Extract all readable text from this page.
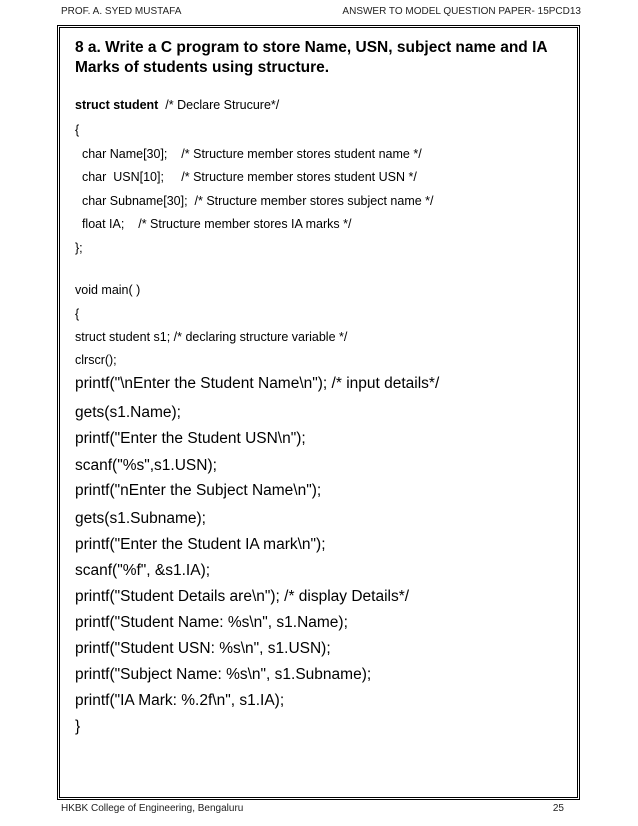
PROF. A. SYED MUSTAFA	ANSWER TO MODEL QUESTION PAPER- 15PCD13
8 a. Write a C program to store Name, USN, subject name and IA Marks of students using structure.
struct student /* Declare Strucure*/
{
char Name[30];    /* Structure member stores student name */
char  USN[10];     /* Structure member stores student USN */
char Subname[30];  /* Structure member stores subject name */
float IA;    /* Structure member stores IA marks */
};
void main( )
{
struct student s1; /* declaring structure variable */
clrscr();
printf("\nEnter the Student Name\n"); /* input details*/
gets(s1.Name);
printf("Enter the Student USN\n");
scanf("%s",s1.USN);
printf("nEnter the Subject Name\n");
gets(s1.Subname);
printf("Enter the Student IA mark\n");
scanf("%f", &s1.IA);
printf("Student Details are\n"); /* display Details*/
printf("Student Name: %s\n", s1.Name);
printf("Student USN: %s\n", s1.USN);
printf("Subject Name: %s\n", s1.Subname);
printf("IA Mark: %.2f\n", s1.IA);
}
HKBK College of Engineering, Bengaluru	25
